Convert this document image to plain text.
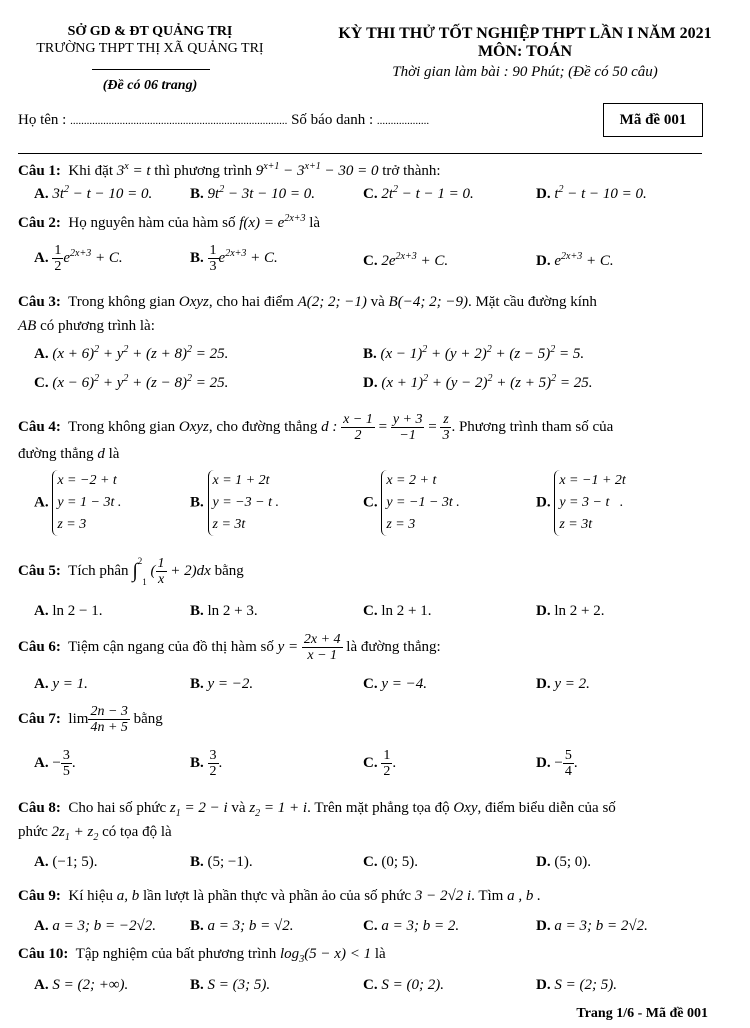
SỞ GD & ĐT QUẢNG TRỊ
TRƯỜNG THPT THỊ XÃ QUẢNG TRỊ
(Đề có 06 trang)
KỲ THI THỬ TỐT NGHIỆP THPT LẦN I NĂM 2021
MÔN: TOÁN
Thời gian làm bài : 90 Phút; (Đề có 50 câu)
Họ tên : ............................................................................... Số báo danh : ...................	Mã đề 001
Câu 1: Khi đặt $3^x = t$ thì phương trình $9^{x+1} - 3^{x+1} - 30 = 0$ trở thành:
A. $3t^2 - t - 10 = 0$.	B. $9t^2 - 3t - 10 = 0$.	C. $2t^2 - t - 1 = 0$.	D. $t^2 - t - 10 = 0$.
Câu 2: Họ nguyên hàm của hàm số $f(x) = e^{2x+3}$ là
A. $\frac{1}{2} e^{2x+3} + C$.	B. $\frac{1}{3} e^{2x+3} + C$.	C. $2e^{2x+3} + C$.	D. $e^{2x+3} + C$.
Câu 3: Trong không gian Oxyz, cho hai điểm A(2; 2; −1) và B(−4; 2; −9). Mặt cầu đường kính
AB có phương trình là:
A. $(x + 6)^2 + y^2 + (z + 8)^2 = 25$.	B. $(x - 1)^2 + (y + 2)^2 + (z - 5)^2 = 5$.
C. $(x - 6)^2 + y^2 + (z - 8)^2 = 25$.	D. $(x + 1)^2 + (y - 2)^2 + (z + 5)^2 = 25$.
Câu 4: Trong không gian Oxyz, cho đường thẳng d : $\frac{x - 1}{2} = \frac{y + 3}{-1} = \frac{z}{3}$ . Phương trình tham số của
đường thẳng d là
A.
x = −2 + t
y = 1 − 3t .
z = 3
B.
x = 1 + 2t
y = −3 − t .
z = 3t
C.
x = 2 + t
y = −1 − 3t .
z = 3
D.
x = −1 + 2t
y = 3 − t   .
z = 3t
Câu 5: Tích phân ∫$^2$1 ( $\frac{1}{x} + 2)dx$ bằng
A. ln 2 − 1.	B. ln 2 + 3.	C. ln 2 + 1.	D. ln 2 + 2.
Câu 6: Tiệm cận ngang của đồ thị hàm số $y = \frac{2x + 4}{x - 1}$ là đường thẳng:
A. y = 1.	B. y = −2.	C. y = −4.	D. y = 2.
Câu 7: $\lim \frac{2n - 3}{4n + 5}$ bằng
A. − $\frac{3}{5}$ .	B. $\frac{3}{2}$ .	C. $\frac{1}{2}$ .	D. − $\frac{5}{4}$ .
Câu 8: Cho hai số phức $z_1 = 2 - i$ và $z_2 = 1 + i$. Trên mặt phẳng tọa độ Oxy, điểm biểu diễn của số
phức $2z_1 + z_2$ có tọa độ là
A. (−1; 5).	B. (5; −1).	C. (0; 5).	D. (5; 0).
Câu 9: Kí hiệu a, b lần lượt là phần thực và phần ảo của số phức 3 − 2√2 i. Tìm a , b .
A. a = 3; b = −2√2. B. a = 3; b = √2.	C. a = 3; b = 2.	D. a = 3; b = 2√2.
Câu 10: Tập nghiệm của bất phương trình $\log_3(5 - x) < 1$ là
A. S = (2; +∞).	B. S = (3; 5).	C. S = (0; 2).	D. S = (2; 5).
Trang 1/6 - Mã đề 001
